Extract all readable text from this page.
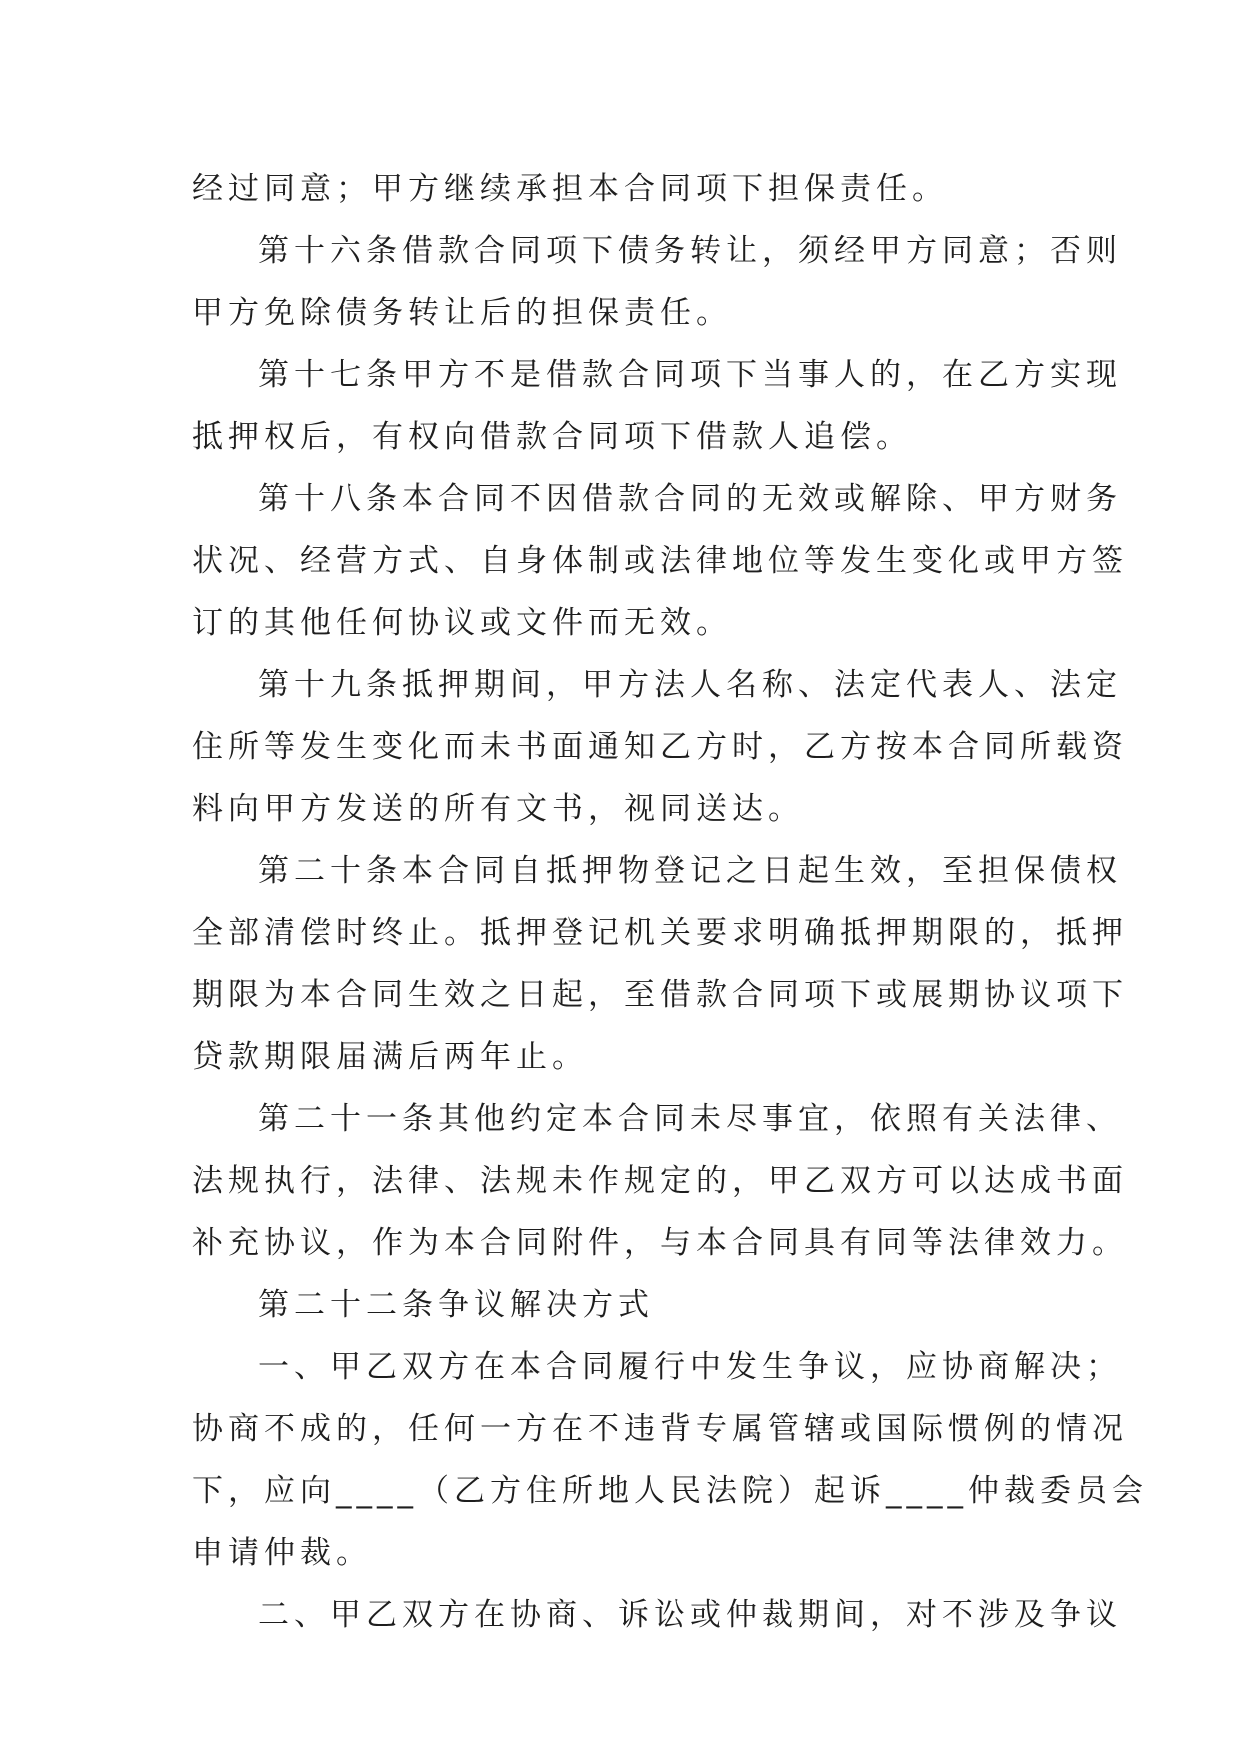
经过同意；甲方继续承担本合同项下担保责任。
第十六条借款合同项下债务转让，须经甲方同意；否则
甲方免除债务转让后的担保责任。
第十七条甲方不是借款合同项下当事人的，在乙方实现
抵押权后，有权向借款合同项下借款人追偿。
第十八条本合同不因借款合同的无效或解除、甲方财务
状况、经营方式、自身体制或法律地位等发生变化或甲方签
订的其他任何协议或文件而无效。
第十九条抵押期间，甲方法人名称、法定代表人、法定
住所等发生变化而未书面通知乙方时，乙方按本合同所载资
料向甲方发送的所有文书，视同送达。
第二十条本合同自抵押物登记之日起生效，至担保债权
全部清偿时终止。抵押登记机关要求明确抵押期限的，抵押
期限为本合同生效之日起，至借款合同项下或展期协议项下
贷款期限届满后两年止。
第二十一条其他约定本合同未尽事宜，依照有关法律、
法规执行，法律、法规未作规定的，甲乙双方可以达成书面
补充协议，作为本合同附件，与本合同具有同等法律效力。
第二十二条争议解决方式
一、甲乙双方在本合同履行中发生争议，应协商解决；
协商不成的，任何一方在不违背专属管辖或国际惯例的情况
下，应向____（乙方住所地人民法院）起诉____仲裁委员会
申请仲裁。
二、甲乙双方在协商、诉讼或仲裁期间，对不涉及争议
